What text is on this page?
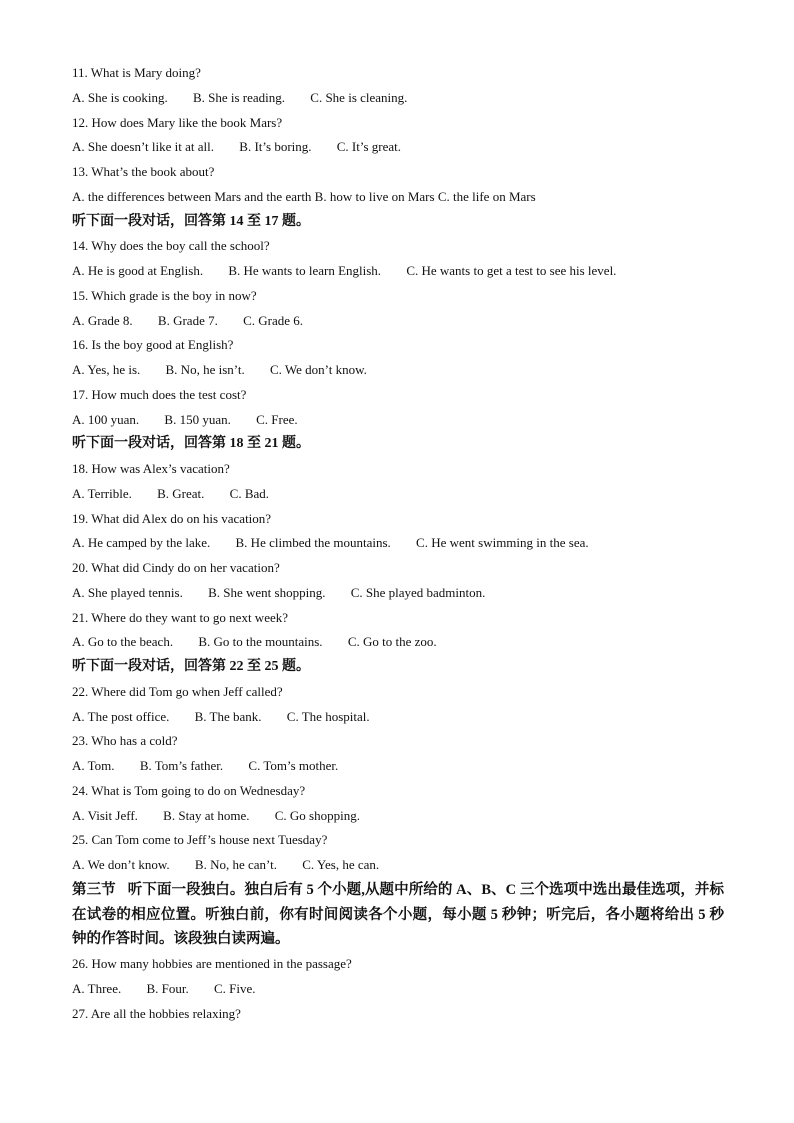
11. What is Mary doing?
A. She is cooking. B. She is reading. C. She is cleaning.
12. How does Mary like the book Mars?
A. She doesn’t like it at all. B. It’s boring. C. It’s great.
13. What’s the book about?
A. the differences between Mars and the earth B. how to live on Mars C. the life on Mars
听下面一段对话，回答第 14 至 17 题。
14. Why does the boy call the school?
A. He is good at English. B. He wants to learn English. C. He wants to get a test to see his level.
15. Which grade is the boy in now?
A. Grade 8. B. Grade 7. C. Grade 6.
16. Is the boy good at English?
A. Yes, he is. B. No, he isn’t. C. We don’t know.
17. How much does the test cost?
A. 100 yuan. B. 150 yuan. C. Free.
听下面一段对话，回答第 18 至 21 题。
18. How was Alex’s vacation?
A. Terrible. B. Great. C. Bad.
19. What did Alex do on his vacation?
A. He camped by the lake. B. He climbed the mountains. C. He went swimming in the sea.
20. What did Cindy do on her vacation?
A. She played tennis. B. She went shopping. C. She played badminton.
21. Where do they want to go next week?
A. Go to the beach. B. Go to the mountains. C. Go to the zoo.
听下面一段对话，回答第 22 至 25 题。
22. Where did Tom go when Jeff called?
A. The post office. B. The bank. C. The hospital.
23. Who has a cold?
A. Tom. B. Tom’s father. C. Tom’s mother.
24. What is Tom going to do on Wednesday?
A. Visit Jeff. B. Stay at home. C. Go shopping.
25. Can Tom come to Jeff’s house next Tuesday?
A. We don’t know. B. No, he can’t. C. Yes, he can.
第三节 听下面一段独白。独白后有 5 个小题,从题中所给的 A、B、C 三个选项中选出最佳选项，并标在试卷的相应位置。听独白前，你有时间阅读各个小题，每小题 5 秒钟；听完后，各小题将给出 5 秒钟的作答时间。该段独白读两遍。
26. How many hobbies are mentioned in the passage?
A. Three. B. Four. C. Five.
27. Are all the hobbies relaxing?
